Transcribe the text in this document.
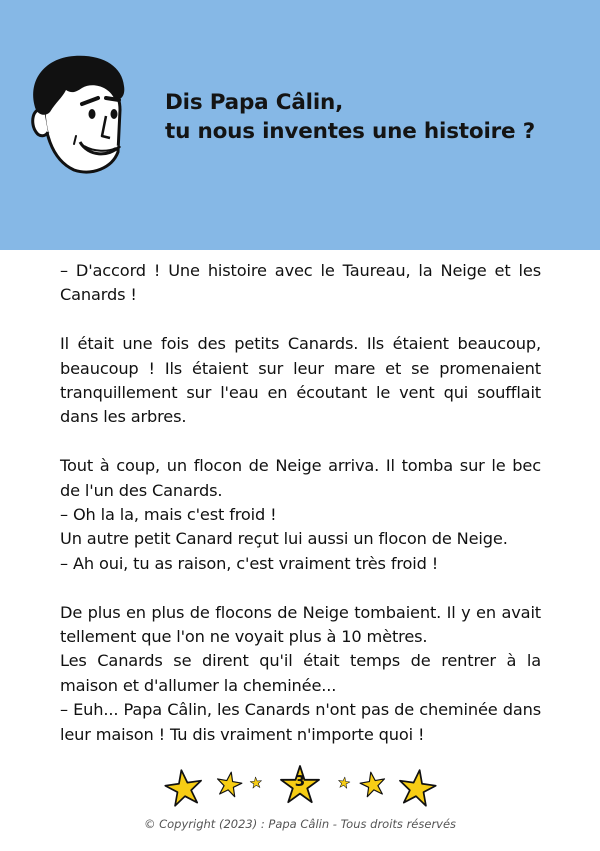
Dis Papa Câlin,
tu nous inventes une histoire ?

– D'accord ! Une histoire avec le Taureau, la Neige et les Canards !

Il était une fois des petits Canards. Ils étaient beaucoup, beaucoup ! Ils étaient sur leur mare et se promenaient tranquillement sur l'eau en écoutant le vent qui soufflait dans les arbres.

Tout à coup, un flocon de Neige arriva. Il tomba sur le bec de l'un des Canards.

– Oh la la, mais c'est froid !

Un autre petit Canard reçut lui aussi un flocon de Neige.

– Ah oui, tu as raison, c'est vraiment très froid !

De plus en plus de flocons de Neige tombaient. Il y en avait tellement que l'on ne voyait plus à 10 mètres.

Les Canards se dirent qu'il était temps de rentrer à la maison et d'allumer la cheminée...

– Euh... Papa Câlin, les Canards n'ont pas de cheminée dans leur maison ! Tu dis vraiment n'importe quoi !

3
© Copyright (2023) : Papa Câlin - Tous droits réservés
